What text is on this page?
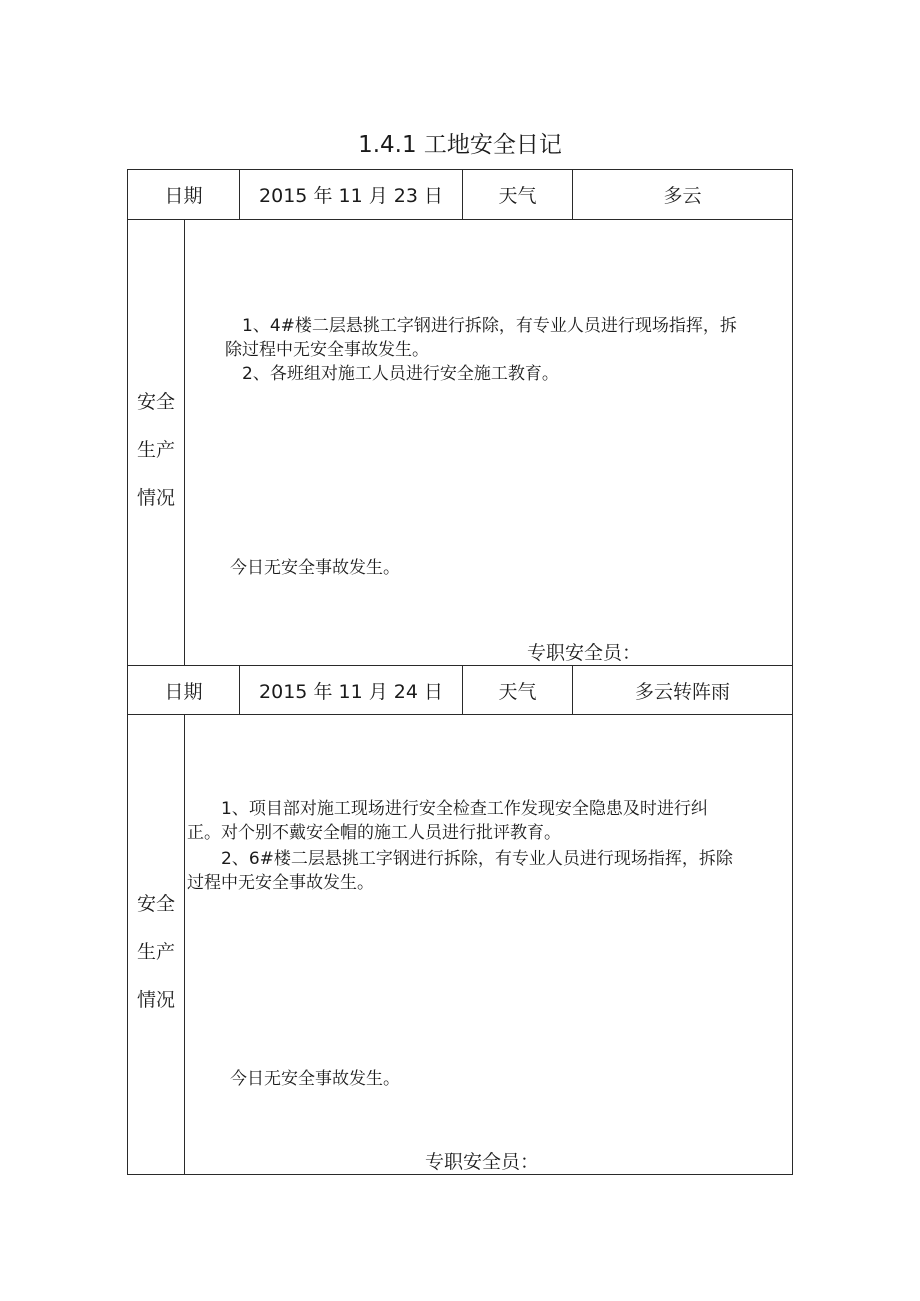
1.4.1 工地安全日记
日期	2015 年 11 月 23 日	天气	多云
安全
生产
情况
　1、4#楼二层悬挑工字钢进行拆除，有专业人员进行现场指挥，拆
除过程中无安全事故发生。
　2、各班组对施工人员进行安全施工教育。
今日无安全事故发生。
专职安全员：
日期	2015 年 11 月 24 日	天气	多云转阵雨
安全
生产
情况
　　1、项目部对施工现场进行安全检查工作发现安全隐患及时进行纠
正。对个别不戴安全帽的施工人员进行批评教育。
　　2、6#楼二层悬挑工字钢进行拆除，有专业人员进行现场指挥，拆除
过程中无安全事故发生。
今日无安全事故发生。
专职安全员：
